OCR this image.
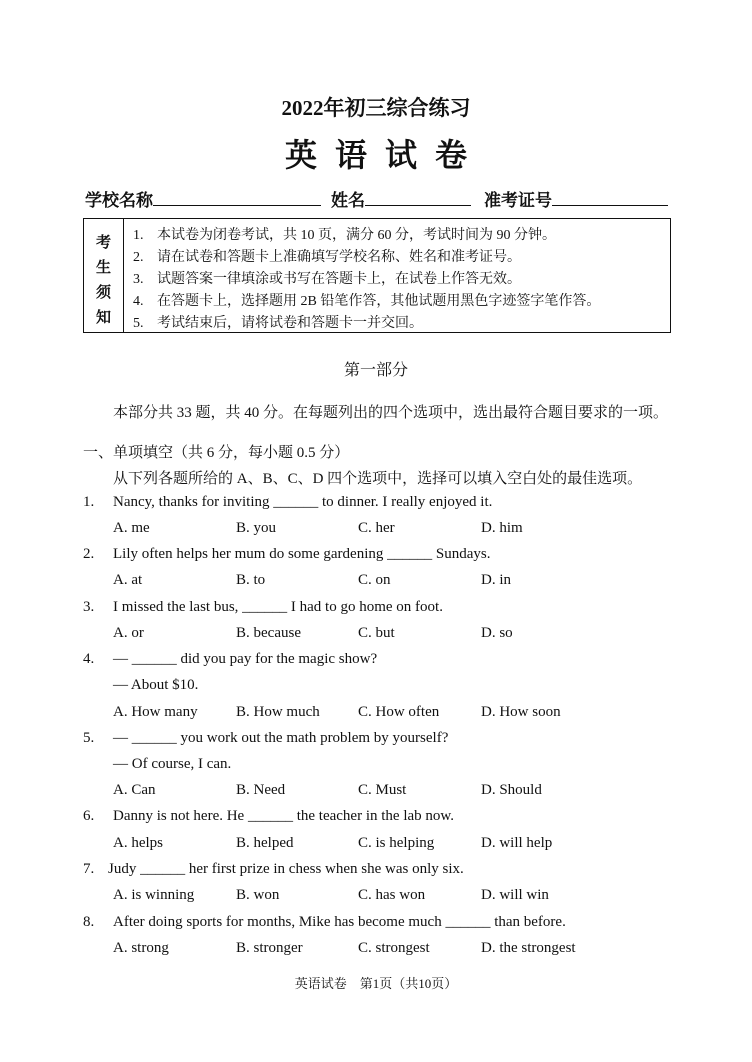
2022年初三综合练习
英语试卷
学校名称	姓名	准考证号
考
生
须
知
1. 本试卷为闭卷考试，共 10 页，满分 60 分，考试时间为 90 分钟。
2. 请在试卷和答题卡上准确填写学校名称、姓名和准考证号。
3. 试题答案一律填涂或书写在答题卡上，在试卷上作答无效。
4. 在答题卡上，选择题用 2B 铅笔作答，其他试题用黑色字迹签字笔作答。
5. 考试结束后，请将试卷和答题卡一并交回。
第一部分
本部分共 33 题，共 40 分。在每题列出的四个选项中，选出最符合题目要求的一项。
一、单项填空（共 6 分，每小题 0.5 分）
从下列各题所给的 A、B、C、D 四个选项中，选择可以填入空白处的最佳选项。
1. Nancy, thanks for inviting ______ to dinner. I really enjoyed it.
A. me	B. you	C. her	D. him
2. Lily often helps her mum do some gardening ______ Sundays.
A. at	B. to	C. on	D. in
3. I missed the last bus, ______ I had to go home on foot.
A. or	B. because	C. but	D. so
4. — ______ did you pay for the magic show?
— About $10.
A. How many	B. How much	C. How often	D. How soon
5. — ______ you work out the math problem by yourself?
— Of course, I can.
A. Can	B. Need	C. Must	D. Should
6. Danny is not here. He ______ the teacher in the lab now.
A. helps	B. helped	C. is helping	D. will help
7. Judy ______ her first prize in chess when she was only six.
A. is winning	B. won	C. has won	D. will win
8. After doing sports for months, Mike has become much ______ than before.
A. strong	B. stronger	C. strongest	D. the strongest
英语试卷　第1页（共10页）
